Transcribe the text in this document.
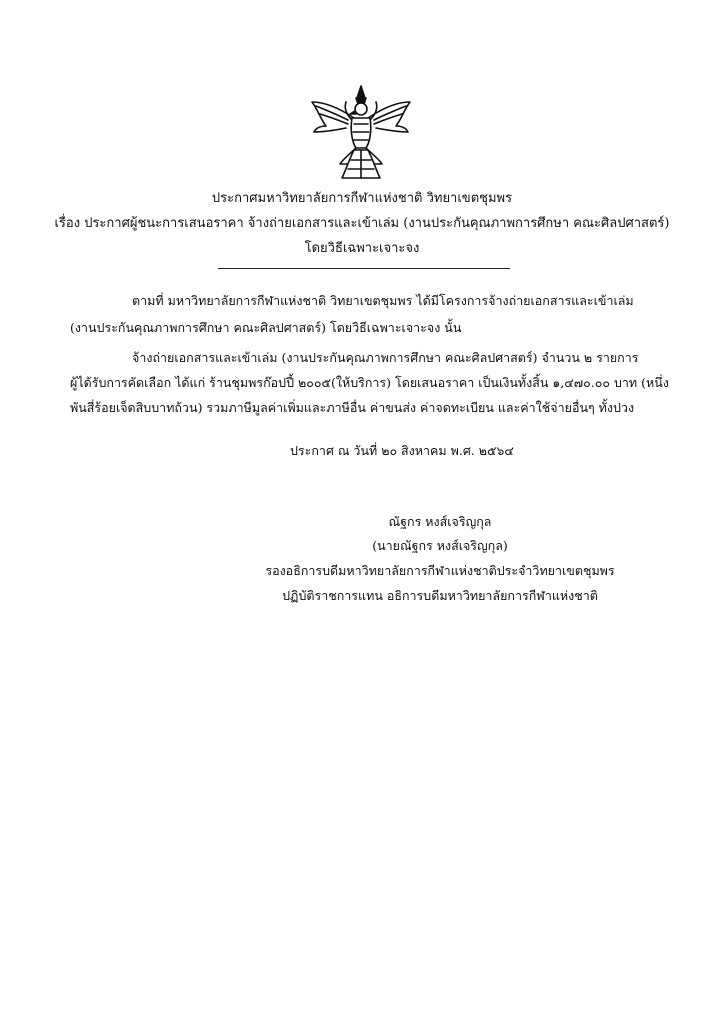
ประกาศมหาวิทยาลัยการกีฬาแห่งชาติ วิทยาเขตชุมพร
เรื่อง ประกาศผู้ชนะการเสนอราคา จ้างถ่ายเอกสารและเข้าเล่ม (งานประกันคุณภาพการศึกษา คณะศิลปศาสตร์)
โดยวิธีเฉพาะเจาะจง
ตามที่ มหาวิทยาลัยการกีฬาแห่งชาติ วิทยาเขตชุมพร ได้มีโครงการจ้างถ่ายเอกสารและเข้าเล่ม
(งานประกันคุณภาพการศึกษา คณะศิลปศาสตร์) โดยวิธีเฉพาะเจาะจง นั้น
จ้างถ่ายเอกสารและเข้าเล่ม (งานประกันคุณภาพการศึกษา คณะศิลปศาสตร์) จำนวน ๒ รายการ
ผู้ได้รับการคัดเลือก ได้แก่ ร้านชุมพรก๊อปปี้ ๒๐๐๕(ให้บริการ) โดยเสนอราคา เป็นเงินทั้งสิ้น ๑,๔๗๐.๐๐ บาท (หนึ่ง
พันสี่ร้อยเจ็ดสิบบาทถ้วน) รวมภาษีมูลค่าเพิ่มและภาษีอื่น ค่าขนส่ง ค่าจดทะเบียน และค่าใช้จ่ายอื่นๆ ทั้งปวง
ประกาศ ณ วันที่ ๒๐ สิงหาคม พ.ศ. ๒๕๖๔
ณัฐกร หงส์เจริญกุล
(นายณัฐกร หงส์เจริญกุล)
รองอธิการบดีมหาวิทยาลัยการกีฬาแห่งชาติประจำวิทยาเขตชุมพร
ปฏิบัติราชการแทน อธิการบดีมหาวิทยาลัยการกีฬาแห่งชาติ
